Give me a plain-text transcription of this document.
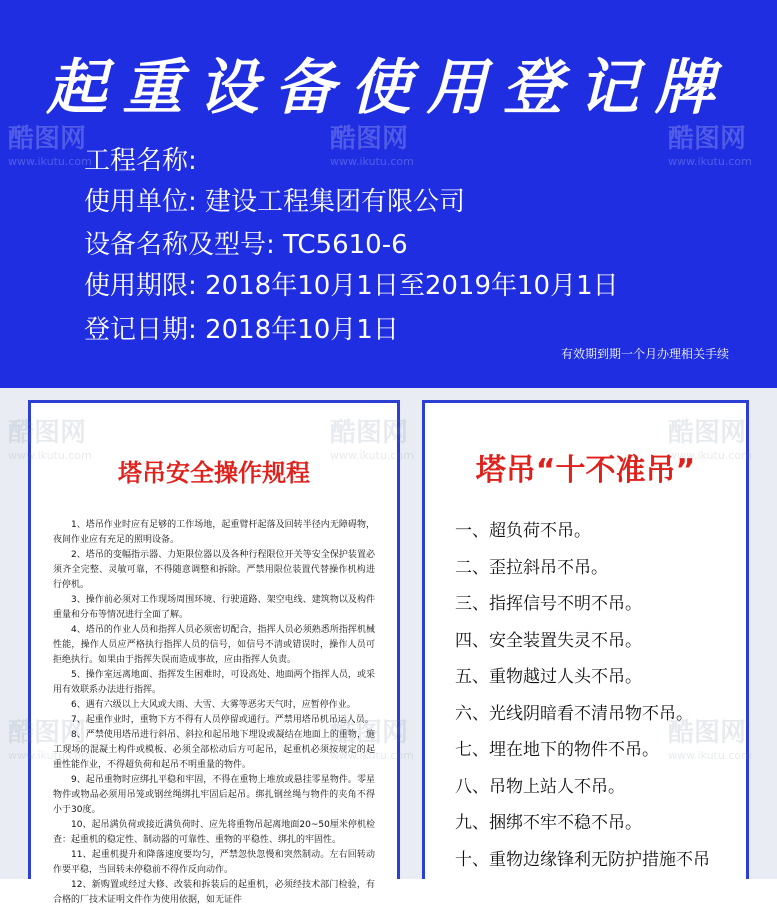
起重设备使用登记牌
工程名称:
使用单位: 建设工程集团有限公司
设备名称及型号: TC5610-6
使用期限: 2018年10月1日至2019年10月1日
登记日期: 2018年10月1日
有效期到期一个月办理相关手续
塔吊安全操作规程
1、塔吊作业时应有足够的工作场地，起重臂杆起落及回转半径内无障碍物，夜间作业应有充足的照明设备。
2、塔吊的变幅指示器、力矩限位器以及各种行程限位开关等安全保护装置必须齐全完整、灵敏可靠，不得随意调整和拆除。严禁用限位装置代替操作机构进行停机。
3、操作前必须对工作现场周围环境、行驶道路、架空电线、建筑物以及构件重量和分布等情况进行全面了解。
4、塔吊的作业人员和指挥人员必须密切配合，指挥人员必须熟悉所指挥机械性能，操作人员应严格执行指挥人员的信号，如信号不清或错误时，操作人员可拒绝执行。如果由于指挥失误而造成事故，应由指挥人负责。
5、操作室远离地面、指挥发生困难时，可设高处、地面两个指挥人员，或采用有效联系办法进行指挥。
6、遇有六级以上大风或大雨、大雪、大雾等恶劣天气时，应暂停作业。
7、起重作业时，重物下方不得有人员停留或通行。严禁用塔吊机吊运人员。
8、严禁使用塔吊进行斜吊、斜拉和起吊地下埋设或凝结在地面上的重物，施工现场的混凝土构件或模板、必须全部松动后方可起吊，起重机必须按规定的起重性能作业，不得超负荷和起吊不明重量的物件。
9、起吊重物时应绑扎平稳和牢固，不得在重物上堆放或悬挂零星物件。零星物件或物品必须用吊笼或钢丝绳绑扎牢固后起吊。绑扎钢丝绳与物件的夹角不得小于30度。
10、起吊满负荷或接近满负荷时、应先将重物吊起离地面20~50厘米停机检查：起重机的稳定性、制动器的可靠性、重物的平稳性、绑扎的牢固性。
11、起重机提升和降落速度要均匀，严禁忽快忽慢和突然制动。左右回转动作要平稳，当回转未停稳前不得作反向动作。
12、新购置或经过大修、改装和拆装后的起重机，必须经技术部门检验，有合格的厂技术证明文件作为使用依据，如无证件
塔吊“十不准吊”
一、超负荷不吊。
二、歪拉斜吊不吊。
三、指挥信号不明不吊。
四、安全装置失灵不吊。
五、重物越过人头不吊。
六、光线阴暗看不清吊物不吊。
七、埋在地下的物件不吊。
八、吊物上站人不吊。
九、捆绑不牢不稳不吊。
十、重物边缘锋利无防护措施不吊
酷图网
www.ikutu.com
酷图网
www.ikutu.com
酷图网
www.ikutu.com
